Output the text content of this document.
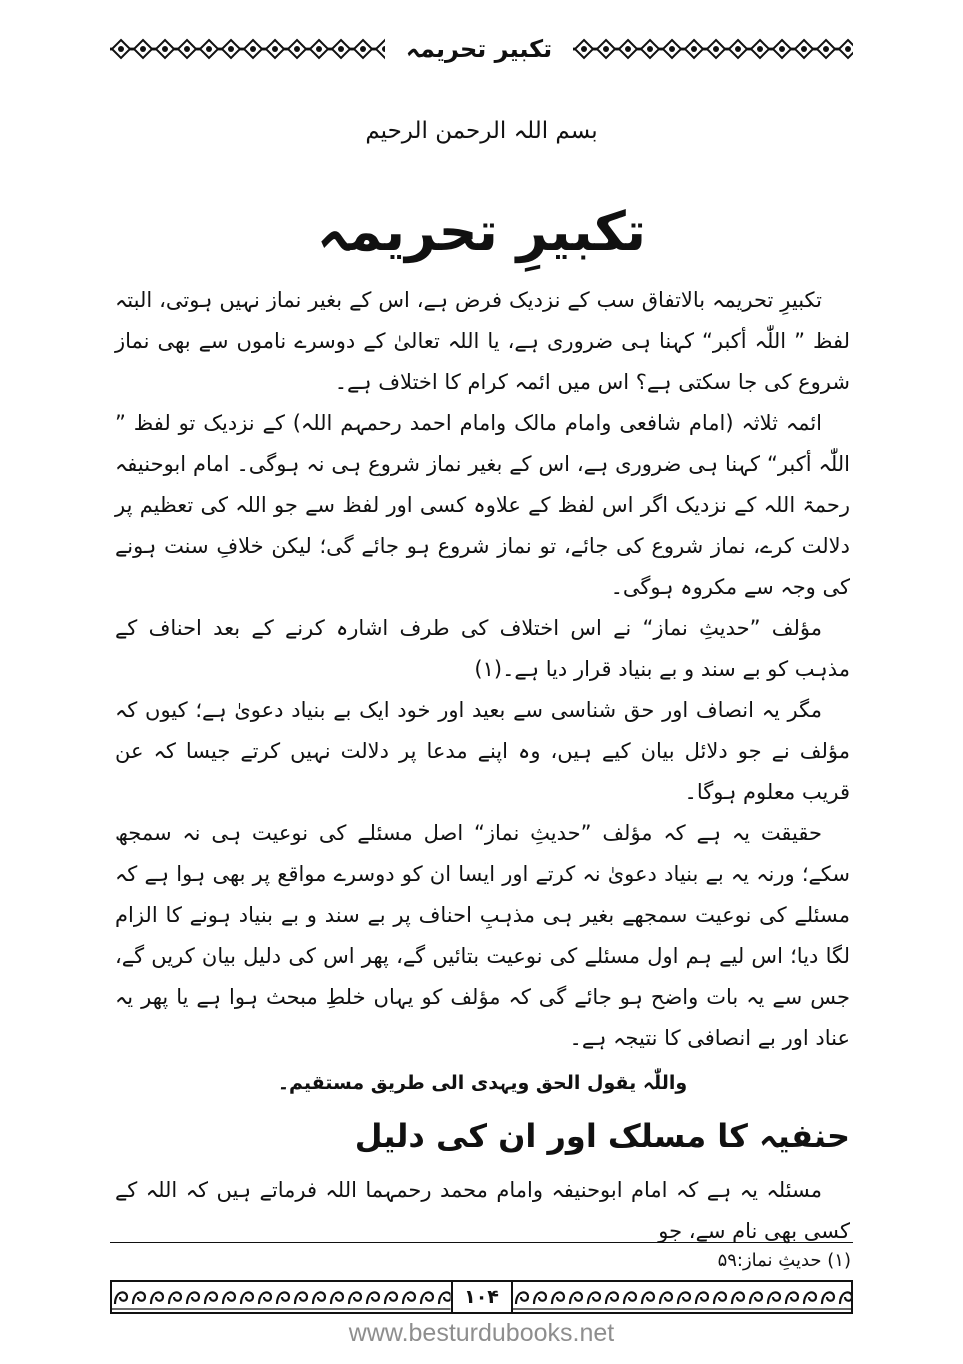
تکبیر تحریمہ
بسم اللہ الرحمن الرحیم
تکبیرِ تحریمہ

تکبیرِ تحریمہ بالاتفاق سب کے نزدیک فرض ہے، اس کے بغیر نماز نہیں ہوتی، البتہ لفظ ” اللّٰہ أکبر“ کہنا ہی ضروری ہے، یا اللہ تعالیٰ کے دوسرے ناموں سے بھی نماز شروع کی جا سکتی ہے؟ اس میں ائمہ کرام کا اختلاف ہے۔

ائمہ ثلاثہ (امام شافعی وامام مالک وامام احمد رحمہم اللہ) کے نزدیک تو لفظ ” اللّٰہ أکبر“ کہنا ہی ضروری ہے، اس کے بغیر نماز شروع ہی نہ ہوگی۔ امام ابوحنیفہ رحمۃ اللہ کے نزدیک اگر اس لفظ کے علاوہ کسی اور لفظ سے جو اللہ کی تعظیم پر دلالت کرے، نماز شروع کی جائے، تو نماز شروع ہو جائے گی؛ لیکن خلافِ سنت ہونے کی وجہ سے مکروہ ہوگی۔

مؤلف ”حدیثِ نماز“ نے اس اختلاف کی طرف اشارہ کرنے کے بعد احناف کے مذہب کو بے سند و بے بنیاد قرار دیا ہے۔(۱)

مگر یہ انصاف اور حق شناسی سے بعید اور خود ایک بے بنیاد دعویٰ ہے؛ کیوں کہ مؤلف نے جو دلائل بیان کیے ہیں، وہ اپنے مدعا پر دلالت نہیں کرتے جیسا کہ عن قریب معلوم ہوگا۔

حقیقت یہ ہے کہ مؤلف ”حدیثِ نماز“ اصل مسئلے کی نوعیت ہی نہ سمجھ سکے؛ ورنہ یہ بے بنیاد دعویٰ نہ کرتے اور ایسا ان کو دوسرے مواقع پر بھی ہوا ہے کہ مسئلے کی نوعیت سمجھے بغیر ہی مذہبِ احناف پر بے سند و بے بنیاد ہونے کا الزام لگا دیا؛ اس لیے ہم اول مسئلے کی نوعیت بتائیں گے، پھر اس کی دلیل بیان کریں گے، جس سے یہ بات واضح ہو جائے گی کہ مؤلف کو یہاں خلطِ مبحث ہوا ہے یا پھر یہ عناد اور بے انصافی کا نتیجہ ہے۔

واللّٰہ یقول الحق ویہدی الی طریق مستقیم۔

حنفیہ کا مسلک اور ان کی دلیل

مسئلہ یہ ہے کہ امام ابوحنیفہ وامام محمد رحمہما اللہ فرماتے ہیں کہ اللہ کے کسی بھی نام سے، جو

(۱) حدیثِ نماز:۵۹
۱۰۴
www.besturdubooks.net
